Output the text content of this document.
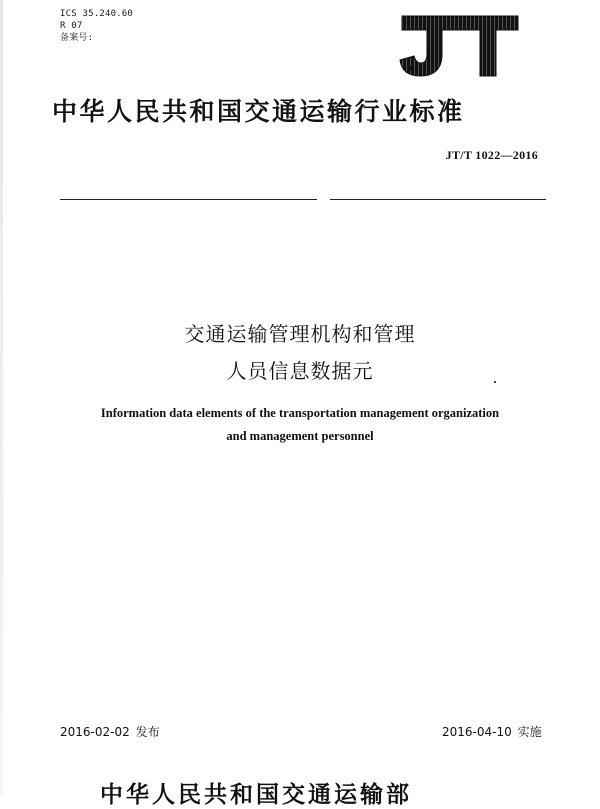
ICS 35.240.60
R 07
备案号:
中华人民共和国交通运输行业标准
JT/T 1022—2016
交通运输管理机构和管理
人员信息数据元
Information data elements of the transportation management organization
and management personnel
2016-02-02 发布	2016-04-10 实施
中华人民共和国交通运输部
